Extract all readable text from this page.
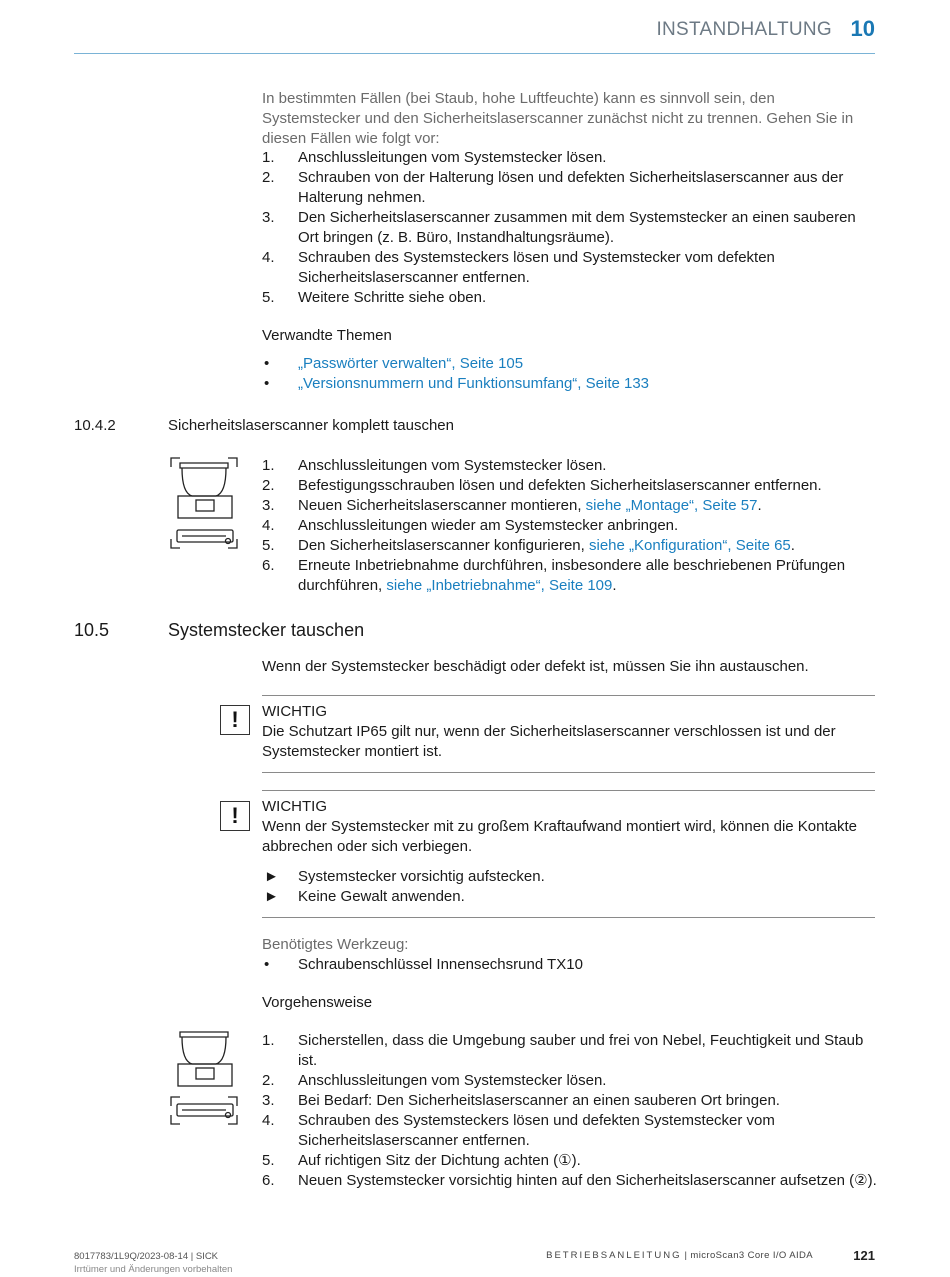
INSTANDHALTUNG 10
In bestimmten Fällen (bei Staub, hohe Luftfeuchte) kann es sinnvoll sein, den Systemstecker und den Sicherheitslaserscanner zunächst nicht zu trennen. Gehen Sie in diesen Fällen wie folgt vor:
1. Anschlussleitungen vom Systemstecker lösen.
2. Schrauben von der Halterung lösen und defekten Sicherheitslaserscanner aus der Halterung nehmen.
3. Den Sicherheitslaserscanner zusammen mit dem Systemstecker an einen sauberen Ort bringen (z. B. Büro, Instandhaltungsräume).
4. Schrauben des Systemsteckers lösen und Systemstecker vom defekten Sicherheitslaserscanner entfernen.
5. Weitere Schritte siehe oben.
Verwandte Themen
• „Passwörter verwalten“, Seite 105
• „Versionsnummern und Funktionsumfang“, Seite 133
10.4.2	Sicherheitslaserscanner komplett tauschen
1. Anschlussleitungen vom Systemstecker lösen.
2. Befestigungsschrauben lösen und defekten Sicherheitslaserscanner entfernen.
3. Neuen Sicherheitslaserscanner montieren, siehe „Montage“, Seite 57.
4. Anschlussleitungen wieder am Systemstecker anbringen.
5. Den Sicherheitslaserscanner konfigurieren, siehe „Konfiguration“, Seite 65.
6. Erneute Inbetriebnahme durchführen, insbesondere alle beschriebenen Prüfungen durchführen, siehe „Inbetriebnahme“, Seite 109.
10.5	Systemstecker tauschen
Wenn der Systemstecker beschädigt oder defekt ist, müssen Sie ihn austauschen.
!	WICHTIG
Die Schutzart IP65 gilt nur, wenn der Sicherheitslaserscanner verschlossen ist und der Systemstecker montiert ist.
!	WICHTIG
Wenn der Systemstecker mit zu großem Kraftaufwand montiert wird, können die Kontakte abbrechen oder sich verbiegen.
► Systemstecker vorsichtig aufstecken.
► Keine Gewalt anwenden.
Benötigtes Werkzeug:
• Schraubenschlüssel Innensechsrund TX10
Vorgehensweise
1. Sicherstellen, dass die Umgebung sauber und frei von Nebel, Feuchtigkeit und Staub ist.
2. Anschlussleitungen vom Systemstecker lösen.
3. Bei Bedarf: Den Sicherheitslaserscanner an einen sauberen Ort bringen.
4. Schrauben des Systemsteckers lösen und defekten Systemstecker vom Sicherheitslaserscanner entfernen.
5. Auf richtigen Sitz der Dichtung achten (①).
6. Neuen Systemstecker vorsichtig hinten auf den Sicherheitslaserscanner aufsetzen (②).
8017783/1L9Q/2023-08-14 | SICK
Irrtümer und Änderungen vorbehalten
BETRIEBSANLEITUNG | microScan3 Core I/O AIDA	121
